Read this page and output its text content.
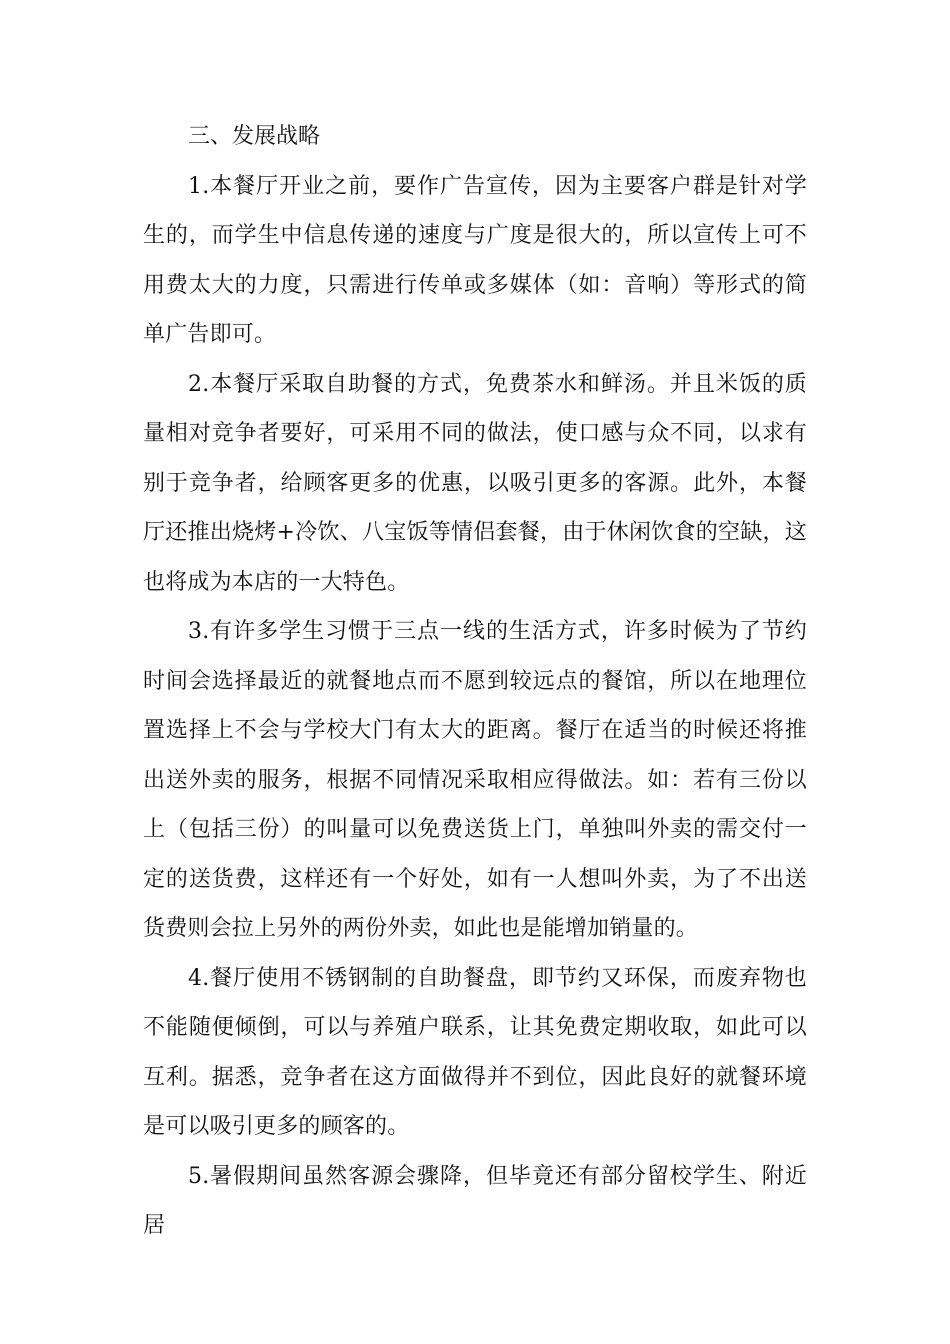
三、发展战略

1.本餐厅开业之前，要作广告宣传，因为主要客户群是针对学生的，而学生中信息传递的速度与广度是很大的，所以宣传上可不用费太大的力度，只需进行传单或多媒体（如：音响）等形式的简单广告即可。

2.本餐厅采取自助餐的方式，免费茶水和鲜汤。并且米饭的质量相对竞争者要好，可采用不同的做法，使口感与众不同，以求有别于竞争者，给顾客更多的优惠，以吸引更多的客源。此外，本餐厅还推出烧烤+冷饮、八宝饭等情侣套餐，由于休闲饮食的空缺，这也将成为本店的一大特色。

3.有许多学生习惯于三点一线的生活方式，许多时候为了节约时间会选择最近的就餐地点而不愿到较远点的餐馆，所以在地理位置选择上不会与学校大门有太大的距离。餐厅在适当的时候还将推出送外卖的服务，根据不同情况采取相应得做法。如：若有三份以上（包括三份）的叫量可以免费送货上门，单独叫外卖的需交付一定的送货费，这样还有一个好处，如有一人想叫外卖，为了不出送货费则会拉上另外的两份外卖，如此也是能增加销量的。

4.餐厅使用不锈钢制的自助餐盘，即节约又环保，而废弃物也不能随便倾倒，可以与养殖户联系，让其免费定期收取，如此可以互利。据悉，竞争者在这方面做得并不到位，因此良好的就餐环境是可以吸引更多的顾客的。

5.暑假期间虽然客源会骤降，但毕竟还有部分留校学生、附近居
